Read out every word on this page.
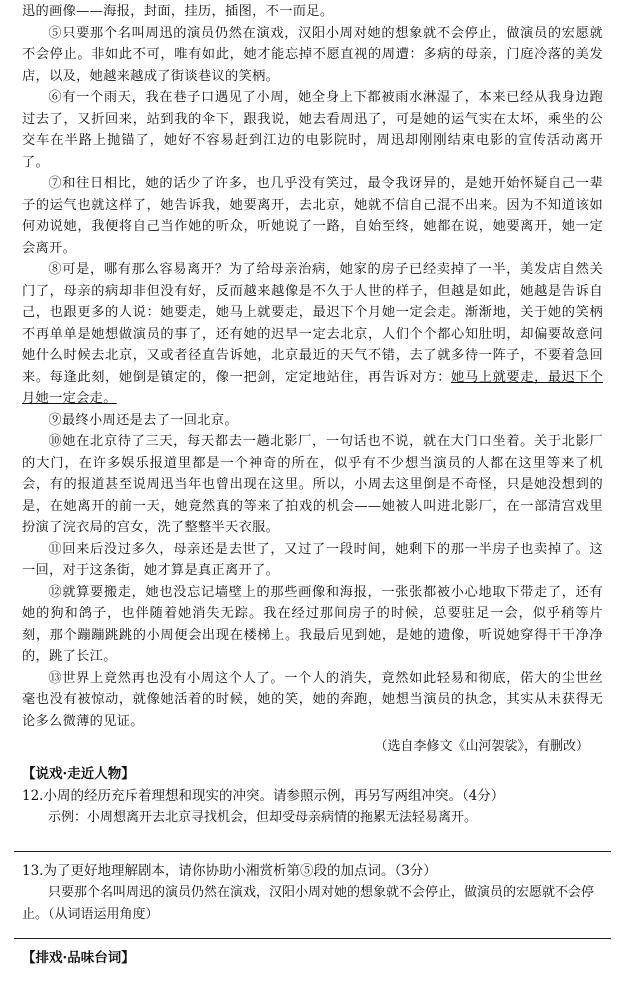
迅的画像——海报，封面，挂历，插图，不一而足。

⑤只要那个名叫周迅的演员仍然在演戏，汉阳小周对她的想象就不会停止，做演员的宏愿就不会停止。非如此不可，唯有如此，她才能忘掉不愿直视的周遭：多病的母亲，门庭冷落的美发店，以及，她越来越成了街谈巷议的笑柄。

⑥有一个雨天，我在巷子口遇见了小周，她全身上下都被雨水淋湿了，本来已经从我身边跑过去了，又折回来，站到我的伞下，跟我说，她去看周迅了，可是她的运气实在太坏，乘坐的公交车在半路上抛锚了，她好不容易赶到江边的电影院时，周迅却刚刚结束电影的宣传活动离开了。

⑦和往日相比，她的话少了许多，也几乎没有笑过，最令我讶异的，是她开始怀疑自己一辈子的运气也就这样了，她告诉我，她要离开，去北京，她就不信自己混不出来。因为不知道该如何劝说她，我便将自己当作她的听众，听她说了一路，自始至终，她都在说，她要离开，她一定会离开。

⑧可是，哪有那么容易离开？为了给母亲治病，她家的房子已经卖掉了一半，美发店自然关门了，母亲的病却非但没有好，反而越来越像是不久于人世的样子，但越是如此，她越是告诉自己，也跟更多的人说：她要走，她马上就要走，最迟下个月她一定会走。渐渐地，关于她的笑柄不再单单是她想做演员的事了，还有她的迟早一定去北京，人们个个都心知肚明，却偏要故意问她什么时候去北京，又或者径直告诉她，北京最近的天气不错，去了就多待一阵子，不要着急回来。每逢此刻，她倒是镇定的，像一把剑，定定地站住，再告诉对方：她马上就要走，最迟下个月她一定会走。

⑨最终小周还是去了一回北京。

⑩她在北京待了三天，每天都去一趟北影厂，一句话也不说，就在大门口坐着。关于北影厂的大门，在许多娱乐报道里都是一个神奇的所在，似乎有不少想当演员的人都在这里等来了机会，有的报道甚至说周迅当年也曾出现在这里。所以，小周去这里倒是不奇怪，只是她没想到的是，在她离开的前一天，她竟然真的等来了拍戏的机会——她被人叫进北影厂，在一部清宫戏里扮演了浣衣局的宫女，洗了整整半天衣服。

⑪回来后没过多久，母亲还是去世了，又过了一段时间，她剩下的那一半房子也卖掉了。这一回，对于这条街，她才算是真正离开了。

⑫就算要搬走，她也没忘记墙壁上的那些画像和海报，一张张都被小心地取下带走了，还有她的狗和鸽子，也伴随着她消失无踪。我在经过那间房子的时候，总要驻足一会，似乎稍等片刻，那个蹦蹦跳跳的小周便会出现在楼梯上。我最后见到她，是她的遗像，听说她穿得干干净净的，跳了长江。

⑬世界上竟然再也没有小周这个人了。一个人的消失，竟然如此轻易和彻底，偌大的尘世丝毫也没有被惊动，就像她活着的时候，她的笑，她的奔跑，她想当演员的执念，其实从未获得无论多么微薄的见证。

（选自李修文《山河袈裟》，有删改）

【说戏·走近人物】

12.小周的经历充斥着理想和现实的冲突。请参照示例，再另写两组冲突。（4分）

示例：小周想离开去北京寻找机会，但却受母亲病情的拖累无法轻易离开。

13.为了更好地理解剧本，请你协助小湘赏析第⑤段的加点词。（3分）

只要那个名叫周迅的演员仍然在演戏，汉阳小周对她的想象就不会停止，做演员的宏愿就不会停止。（从词语运用角度）

【排戏·品味台词】
